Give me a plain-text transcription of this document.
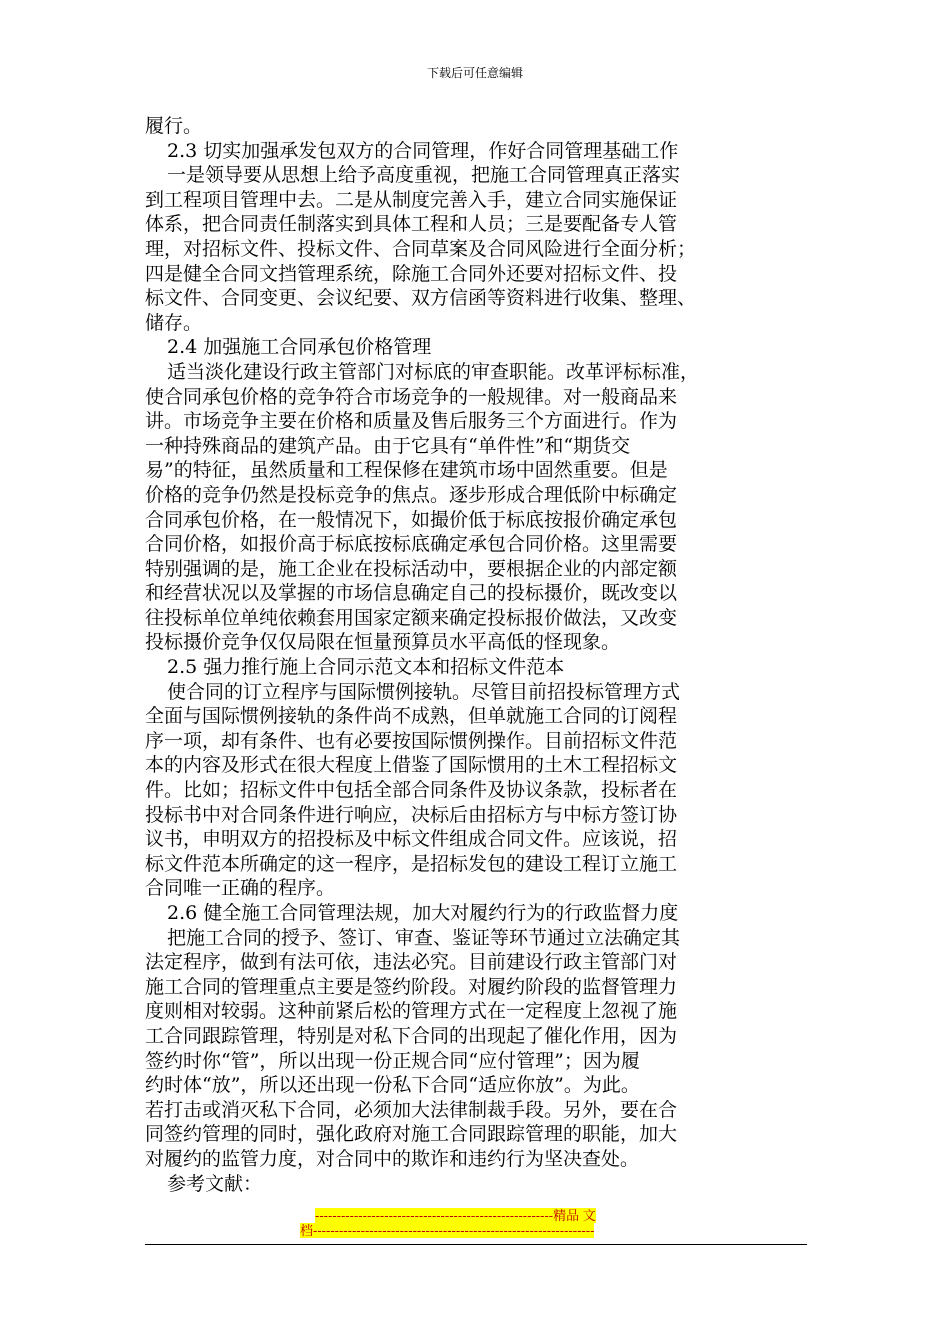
下载后可任意编辑
履行。
2.3 切实加强承发包双方的合同管理，作好合同管理基础工作
一是领导要从思想上给予高度重视，把施工合同管理真正落实
到工程项目管理中去。二是从制度完善入手，建立合同实施保证
体系，把合同责任制落实到具体工程和人员；三是要配备专人管
理，对招标文件、投标文件、合同草案及合同风险进行全面分析；
四是健全合同文挡管理系统，除施工合同外还要对招标文件、投
标文件、合同变更、会议纪要、双方信函等资料进行收集、整理、
储存。
2.4 加强施工合同承包价格管理
适当淡化建设行政主管部门对标底的审查职能。改革评标标准，
使合同承包价格的竞争符合市场竞争的一般规律。对一般商品来
讲。市场竞争主要在价格和质量及售后服务三个方面进行。作为
一种持殊商品的建筑产品。由于它具有“单件性”和“期货交
易”的特征，虽然质量和工程保修在建筑市场中固然重要。但是
价格的竞争仍然是投标竞争的焦点。逐步形成合理低阶中标确定
合同承包价格，在一般情况下，如撮价低于标底按报价确定承包
合同价格，如报价高于标底按标底确定承包合同价格。这里需要
特别强调的是，施工企业在投标活动中，要根据企业的内部定额
和经营状况以及掌握的市场信息确定自己的投标摄价，既改变以
往投标单位单纯依赖套用国家定额来确定投标报价做法，又改变
投标摄价竞争仅仅局限在恒量预算员水平高低的怪现象。
2.5 强力推行施上合同示范文本和招标文件范本
使合同的订立程序与国际惯例接轨。尽管目前招投标管理方式
全面与国际惯例接轨的条件尚不成熟，但单就施工合同的订阅程
序一项，却有条件、也有必要按国际惯例操作。目前招标文件范
本的内容及形式在很大程度上借鉴了国际惯用的土木工程招标文
件。比如；招标文件中包括全部合同条件及协议条款，投标者在
投标书中对合同条件进行响应，决标后由招标方与中标方签订协
议书，申明双方的招投标及中标文件组成合同文件。应该说，招
标文件范本所确定的这一程序，是招标发包的建设工程订立施工
合同唯一正确的程序。
2.6 健全施工合同管理法规，加大对履约行为的行政监督力度
把施工合同的授予、签订、审查、鉴证等环节通过立法确定其
法定程序，做到有法可依，违法必究。目前建设行政主管部门对
施工合同的管理重点主要是签约阶段。对履约阶段的监督管理力
度则相对较弱。这种前紧后松的管理方式在一定程度上忽视了施
工合同跟踪管理，特别是对私下合同的出现起了催化作用，因为
签约时你“管”，所以出现一份正规合同“应付管理”；因为履
约时体“放”，所以还出现一份私下合同“适应你放”。为此。
若打击或消灭私下合同，必须加大法律制裁手段。另外，要在合
同签约管理的同时，强化政府对施工合同跟踪管理的职能，加大
对履约的监管力度，对合同中的欺诈和违约行为坚决查处。
参考文献：
-------------------------------------------------------精品 文
档-----------------------------------------------------------------
